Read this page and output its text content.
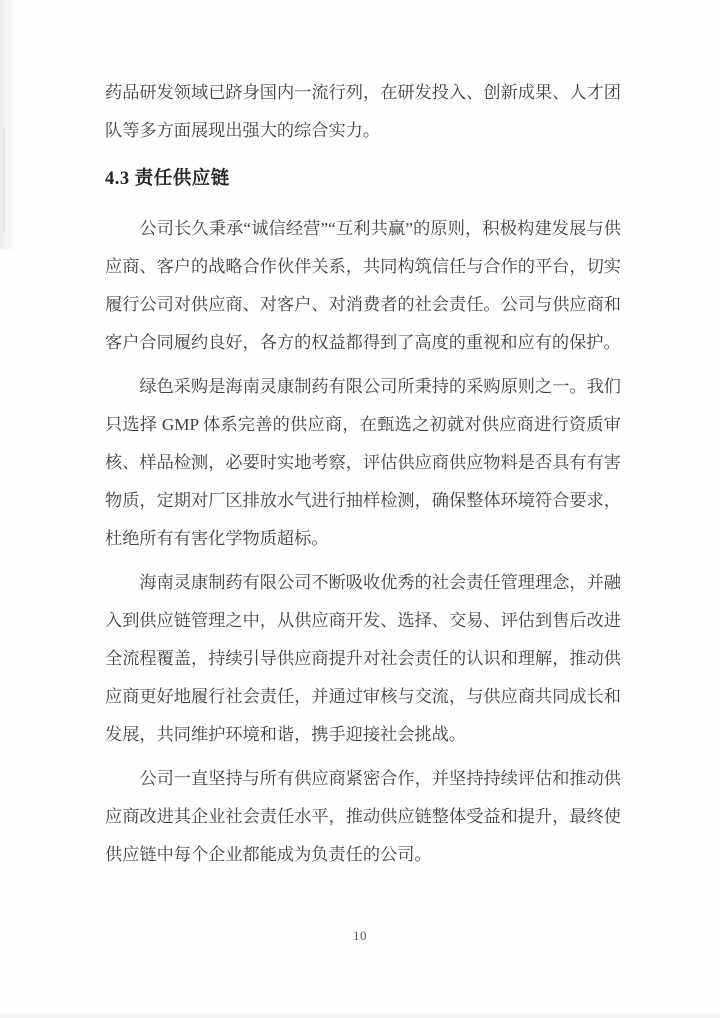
药品研发领域已跻身国内一流行列，在研发投入、创新成果、人才团队等多方面展现出强大的综合实力。

4.3 责任供应链

公司长久秉承“诚信经营”“互利共赢”的原则，积极构建发展与供应商、客户的战略合作伙伴关系，共同构筑信任与合作的平台，切实履行公司对供应商、对客户、对消费者的社会责任。公司与供应商和客户合同履约良好，各方的权益都得到了高度的重视和应有的保护。

绿色采购是海南灵康制药有限公司所秉持的采购原则之一。我们只选择 GMP 体系完善的供应商，在甄选之初就对供应商进行资质审核、样品检测，必要时实地考察，评估供应商供应物料是否具有有害物质，定期对厂区排放水气进行抽样检测，确保整体环境符合要求，杜绝所有有害化学物质超标。

海南灵康制药有限公司不断吸收优秀的社会责任管理理念，并融入到供应链管理之中，从供应商开发、选择、交易、评估到售后改进全流程覆盖，持续引导供应商提升对社会责任的认识和理解，推动供应商更好地履行社会责任，并通过审核与交流，与供应商共同成长和发展，共同维护环境和谐，携手迎接社会挑战。

公司一直坚持与所有供应商紧密合作，并坚持持续评估和推动供应商改进其企业社会责任水平，推动供应链整体受益和提升，最终使供应链中每个企业都能成为负责任的公司。

10
